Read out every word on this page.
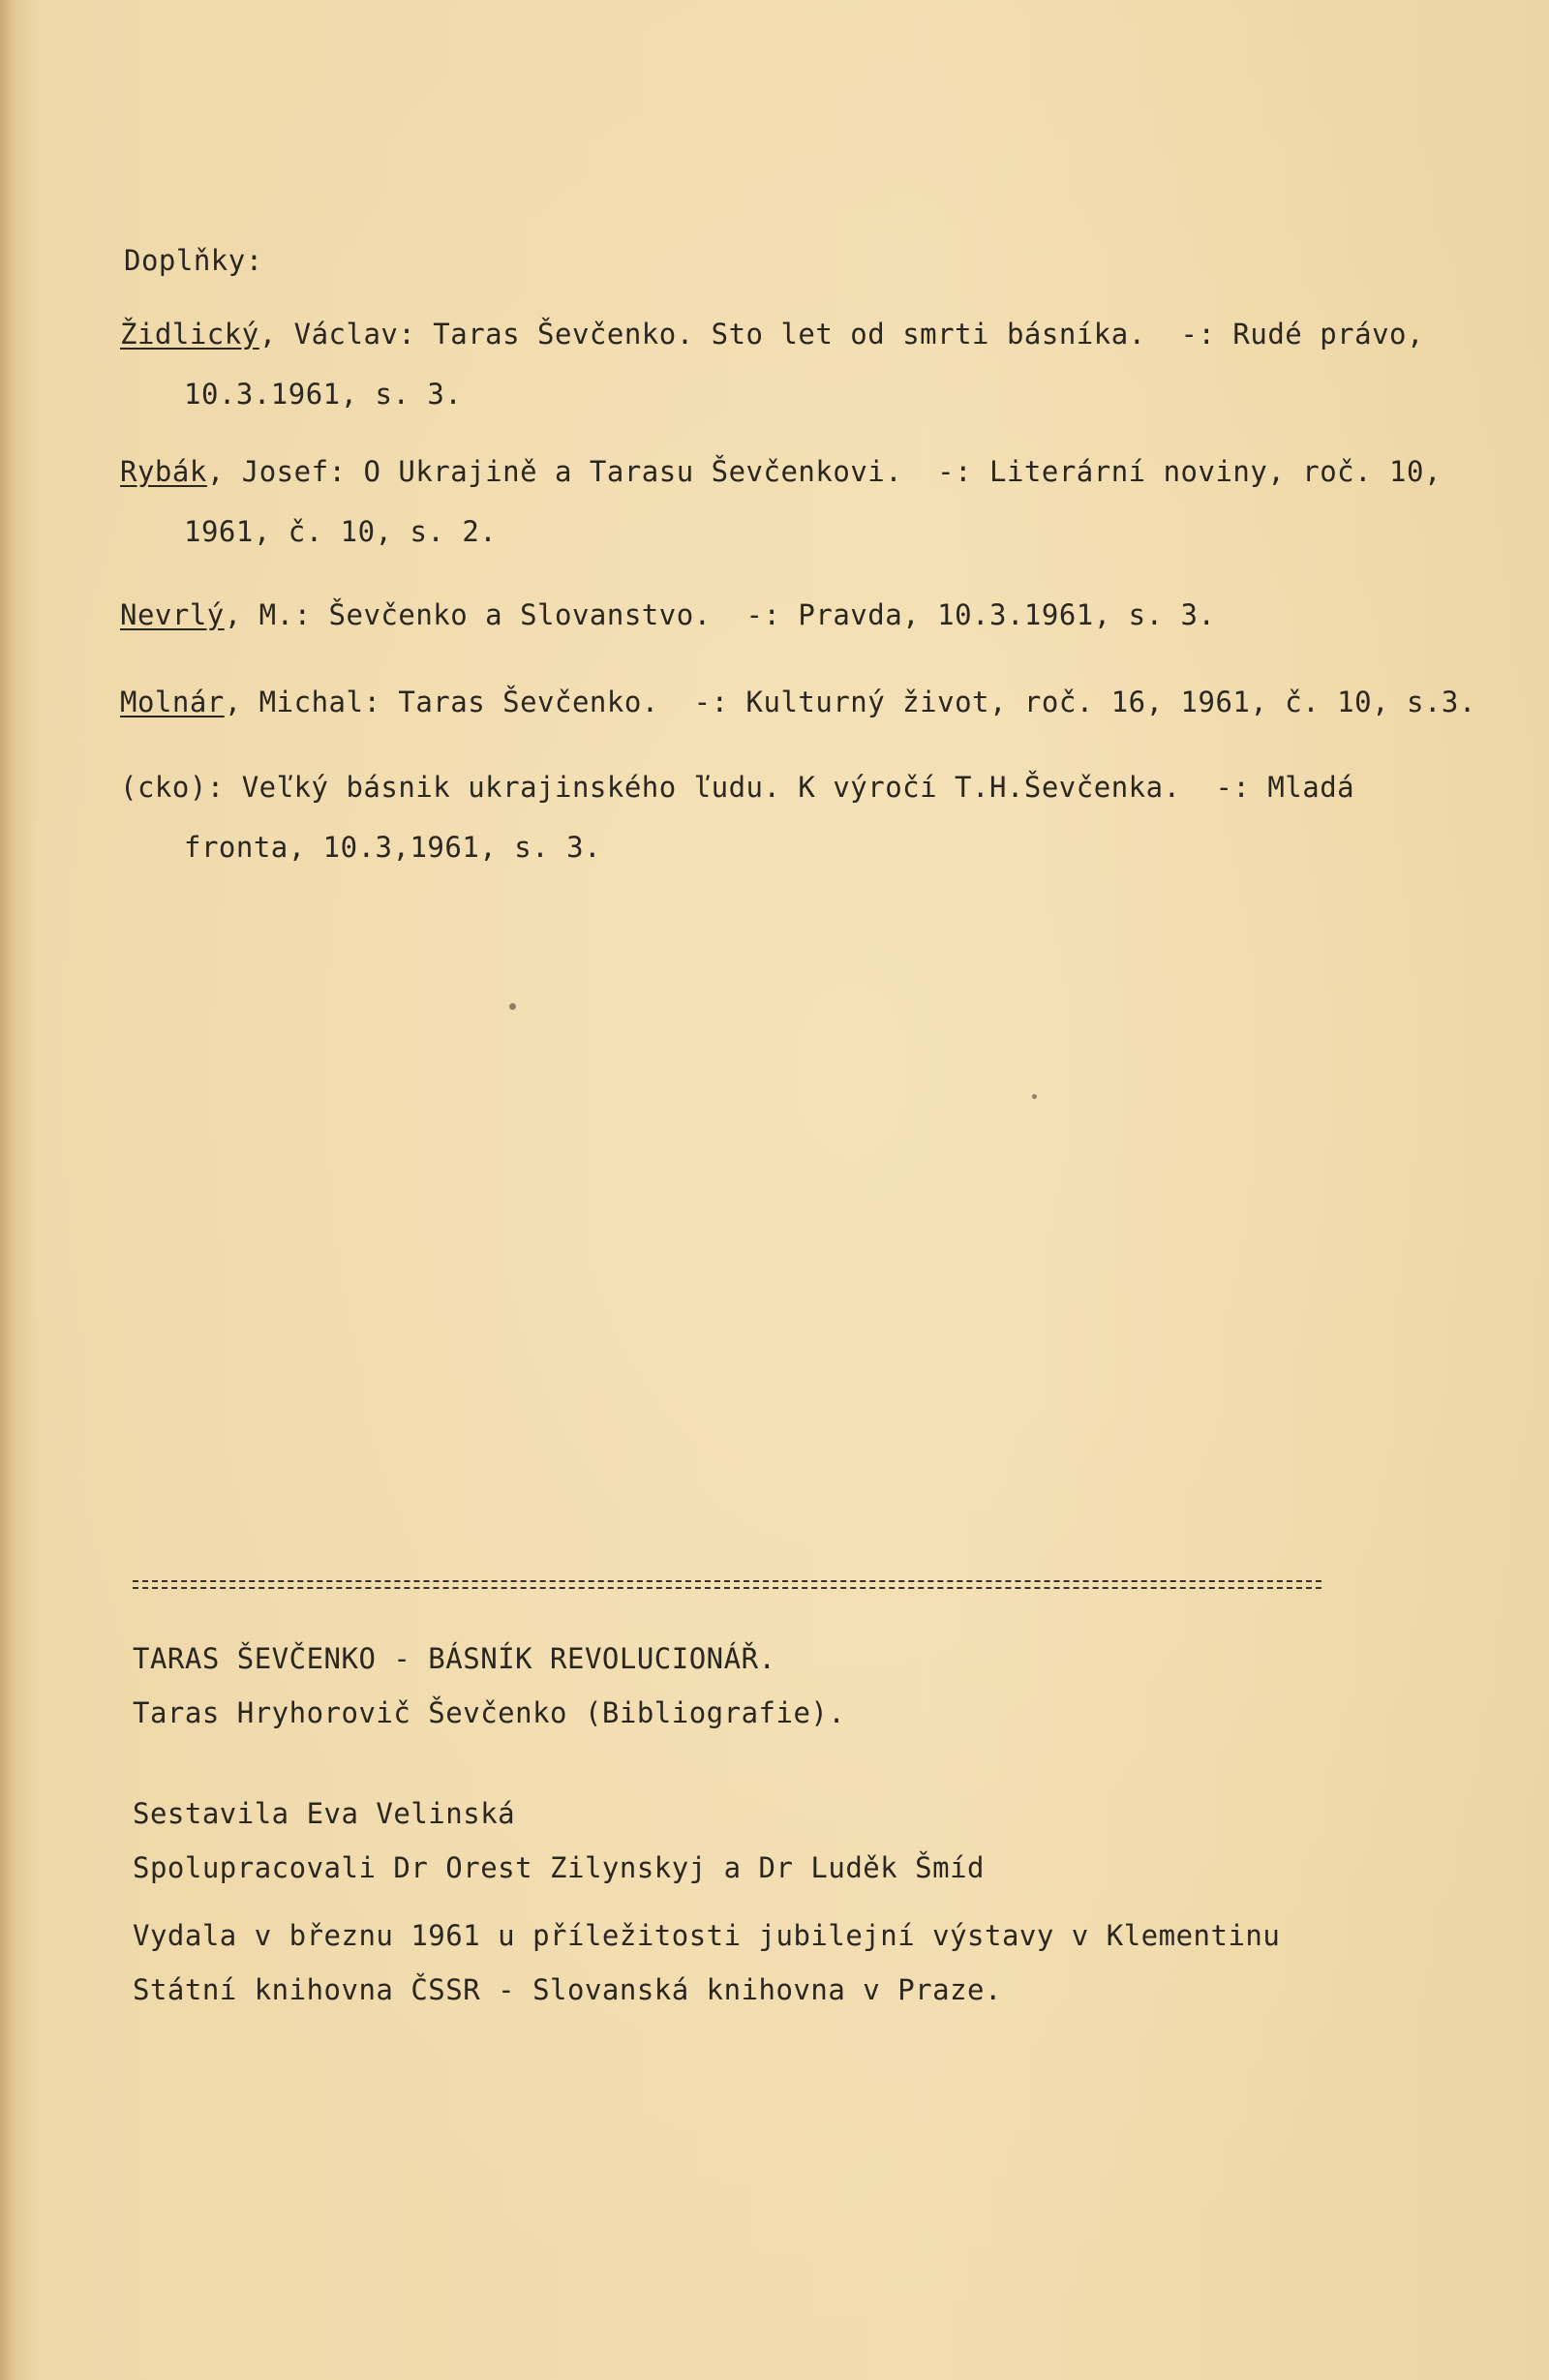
Doplňky:
Židlický, Václav: Taras Ševčenko. Sto let od smrti básníka.  -: Rudé právo,
10.3.1961, s. 3.
Rybák, Josef: O Ukrajině a Tarasu Ševčenkovi.  -: Literární noviny, roč. 10,
1961, č. 10, s. 2.
Nevrlý, M.: Ševčenko a Slovanstvo.  -: Pravda, 10.3.1961, s. 3.
Molnár, Michal: Taras Ševčenko.  -: Kulturný život, roč. 16, 1961, č. 10, s.3.
(cko): Veľký básnik ukrajinského ľudu. K výročí T.H.Ševčenka.  -: Mladá
fronta, 10.3,1961, s. 3.
TARAS ŠEVČENKO - BÁSNÍK REVOLUCIONÁŘ.
Taras Hryhorovič Ševčenko (Bibliografie).
Sestavila Eva Velinská
Spolupracovali Dr Orest Zilynskyj a Dr Luděk Šmíd
Vydala v březnu 1961 u příležitosti jubilejní výstavy v Klementinu
Státní knihovna ČSSR - Slovanská knihovna v Praze.
